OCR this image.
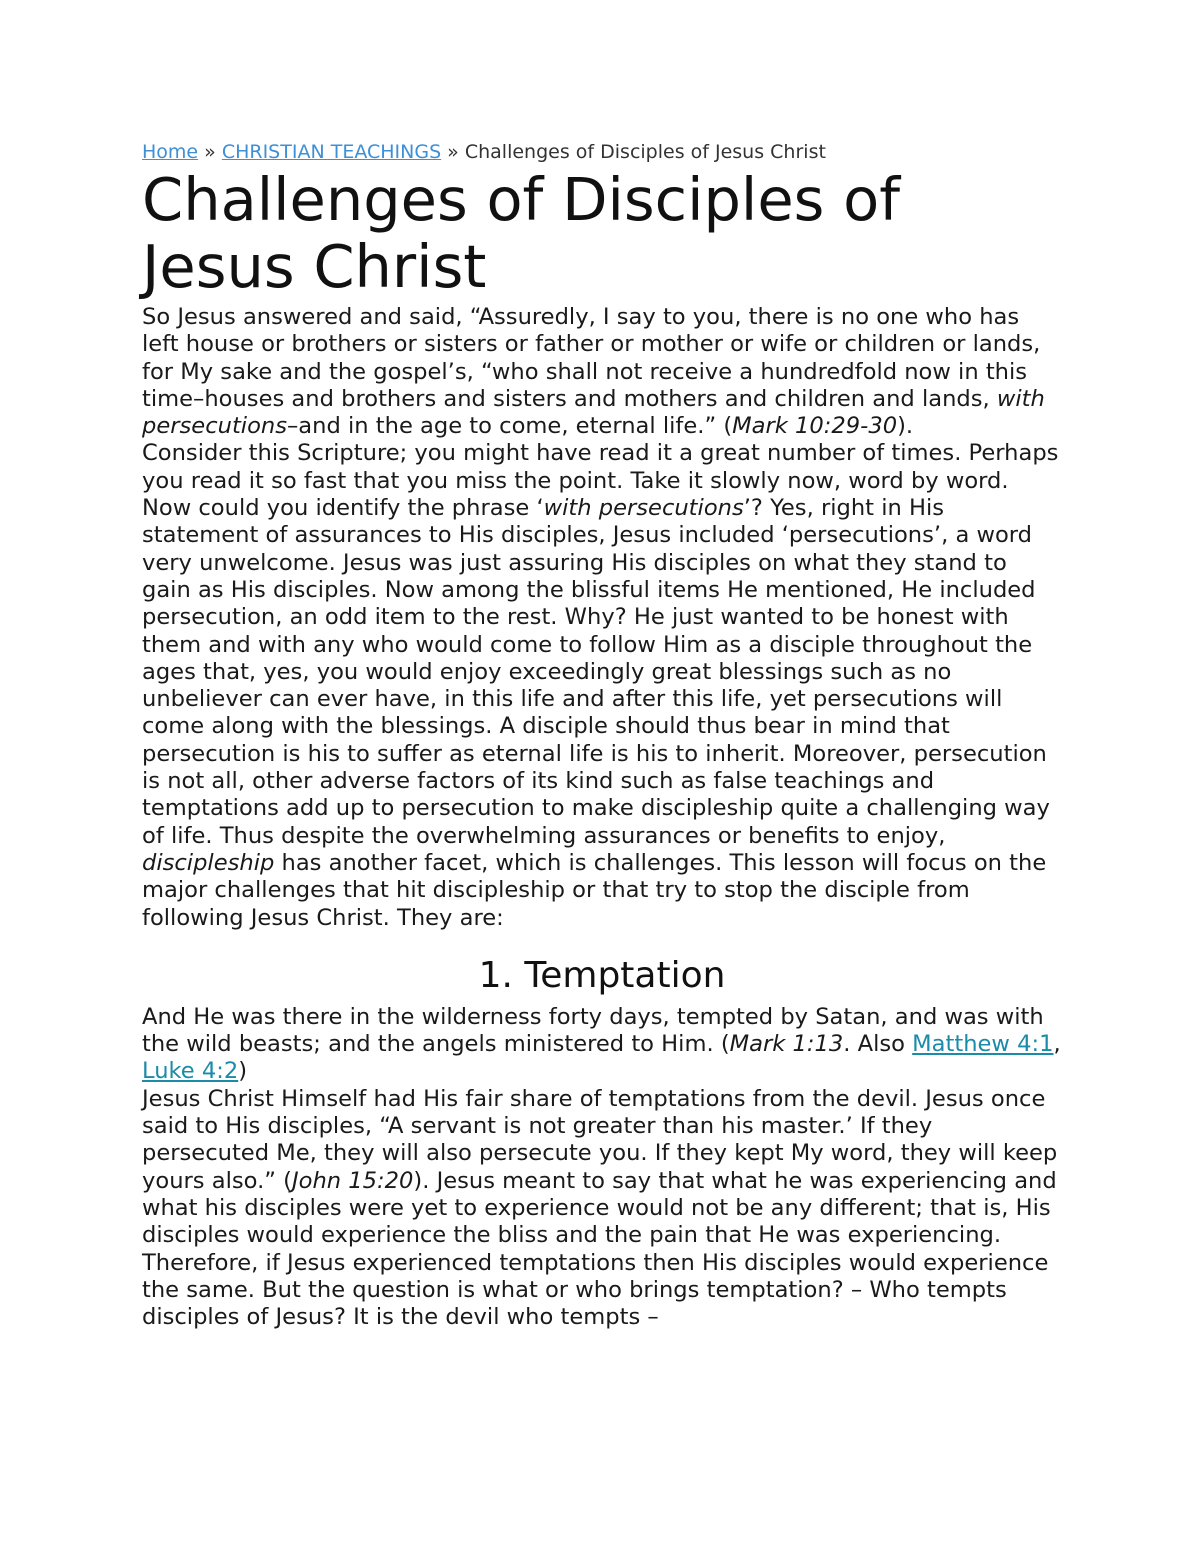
Home » CHRISTIAN TEACHINGS » Challenges of Disciples of Jesus Christ
Challenges of Disciples of Jesus Christ

So Jesus answered and said, “Assuredly, I say to you, there is no one who has left house or brothers or sisters or father or mother or wife or children or lands, for My sake and the gospel’s, “who shall not receive a hundredfold now in this time–houses and brothers and sisters and mothers and children and lands, with persecutions–and in the age to come, eternal life.” (Mark 10:29-30).

Consider this Scripture; you might have read it a great number of times. Perhaps you read it so fast that you miss the point. Take it slowly now, word by word. Now could you identify the phrase ‘with persecutions’? Yes, right in His statement of assurances to His disciples, Jesus included ‘persecutions’, a word very unwelcome. Jesus was just assuring His disciples on what they stand to gain as His disciples. Now among the blissful items He mentioned, He included persecution, an odd item to the rest. Why? He just wanted to be honest with them and with any who would come to follow Him as a disciple throughout the ages that, yes, you would enjoy exceedingly great blessings such as no unbeliever can ever have, in this life and after this life, yet persecutions will come along with the blessings. A disciple should thus bear in mind that persecution is his to suffer as eternal life is his to inherit. Moreover, persecution is not all, other adverse factors of its kind such as false teachings and temptations add up to persecution to make discipleship quite a challenging way of life. Thus despite the overwhelming assurances or benefits to enjoy, discipleship has another facet, which is challenges. This lesson will focus on the major challenges that hit discipleship or that try to stop the disciple from following Jesus Christ. They are:

1. Temptation

And He was there in the wilderness forty days, tempted by Satan, and was with the wild beasts; and the angels ministered to Him. (Mark 1:13. Also Matthew 4:1, Luke 4:2)

Jesus Christ Himself had His fair share of temptations from the devil. Jesus once said to His disciples, “A servant is not greater than his master.’ If they persecuted Me, they will also persecute you. If they kept My word, they will keep yours also.” (John 15:20). Jesus meant to say that what he was experiencing and what his disciples were yet to experience would not be any different; that is, His disciples would experience the bliss and the pain that He was experiencing. Therefore, if Jesus experienced temptations then His disciples would experience the same. But the question is what or who brings temptation? – Who tempts disciples of Jesus? It is the devil who tempts –
